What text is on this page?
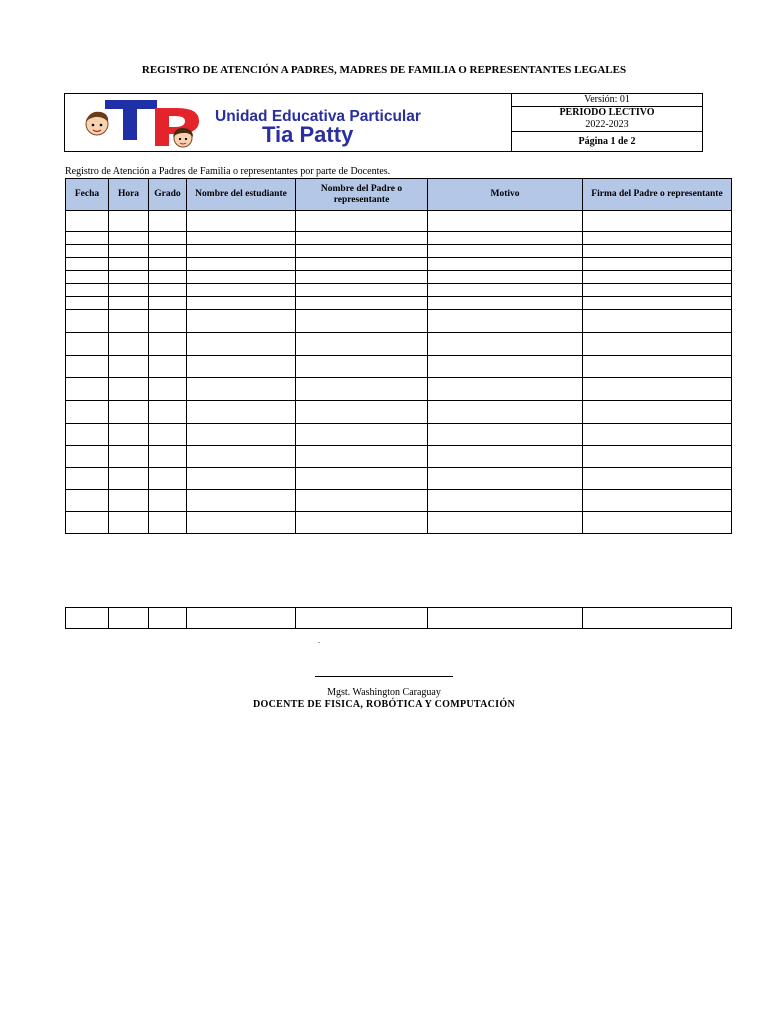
REGISTRO DE ATENCIÓN A PADRES, MADRES DE FAMILIA O REPRESENTANTES LEGALES
Unidad Educativa Particular
Tia Patty
Versión: 01
PERIODO LECTIVO
2022-2023
Página 1 de 2
Registro de Atención a Padres de Familia o representantes por parte de Docentes.
Fecha	Hora	Grado	Nombre del estudiante	Nombre del Padre o representante	Motivo	Firma del Padre o representante

.
Mgst. Washington Caraguay
DOCENTE DE FISICA, ROBÓTICA Y COMPUTACIÓN
